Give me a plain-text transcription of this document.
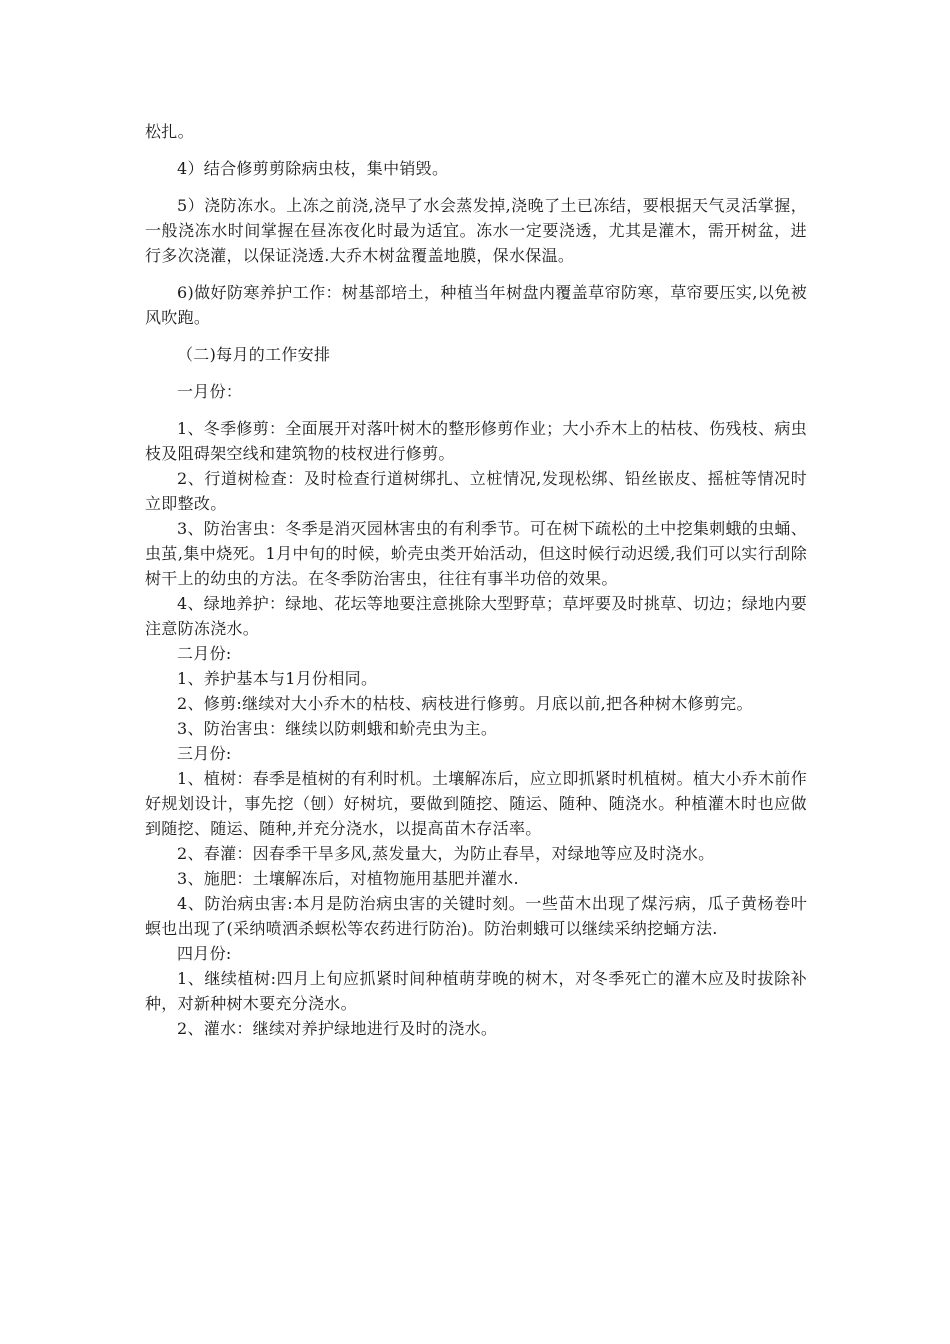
松扎。

4）结合修剪剪除病虫枝，集中销毁。

5）浇防冻水。上冻之前浇,浇早了水会蒸发掉,浇晚了土已冻结，要根据天气灵活掌握，一般浇冻水时间掌握在昼冻夜化时最为适宜。冻水一定要浇透，尤其是灌木，需开树盆，进行多次浇灌，以保证浇透.大乔木树盆覆盖地膜，保水保温。

6)做好防寒养护工作：树基部培土，种植当年树盘内覆盖草帘防寒，草帘要压实,以免被风吹跑。

（二)每月的工作安排

一月份：

1、冬季修剪：全面展开对落叶树木的整形修剪作业；大小乔木上的枯枝、伤残枝、病虫枝及阻碍架空线和建筑物的枝杈进行修剪。

2、行道树检查：及时检查行道树绑扎、立桩情况,发现松绑、铅丝嵌皮、摇桩等情况时立即整改。

3、防治害虫：冬季是消灭园林害虫的有利季节。可在树下疏松的土中挖集刺蛾的虫蛹、虫茧,集中烧死。1月中旬的时候，蚧壳虫类开始活动，但这时候行动迟缓,我们可以实行刮除树干上的幼虫的方法。在冬季防治害虫，往往有事半功倍的效果。

4、绿地养护：绿地、花坛等地要注意挑除大型野草；草坪要及时挑草、切边；绿地内要注意防冻浇水。

二月份:

1、养护基本与1月份相同。

2、修剪:继续对大小乔木的枯枝、病枝进行修剪。月底以前,把各种树木修剪完。

3、防治害虫：继续以防刺蛾和蚧壳虫为主。

三月份:

1、植树：春季是植树的有利时机。土壤解冻后，应立即抓紧时机植树。植大小乔木前作好规划设计，事先挖（刨）好树坑，要做到随挖、随运、随种、随浇水。种植灌木时也应做到随挖、随运、随种,并充分浇水，以提高苗木存活率。

2、春灌：因春季干旱多风,蒸发量大，为防止春旱，对绿地等应及时浇水。

3、施肥：土壤解冻后，对植物施用基肥并灌水.

4、防治病虫害:本月是防治病虫害的关键时刻。一些苗木出现了煤污病，瓜子黄杨卷叶螟也出现了(采纳喷洒杀螟松等农药进行防治)。防治刺蛾可以继续采纳挖蛹方法.

四月份:

1、继续植树:四月上旬应抓紧时间种植萌芽晚的树木，对冬季死亡的灌木应及时拔除补种，对新种树木要充分浇水。

2、灌水：继续对养护绿地进行及时的浇水。
